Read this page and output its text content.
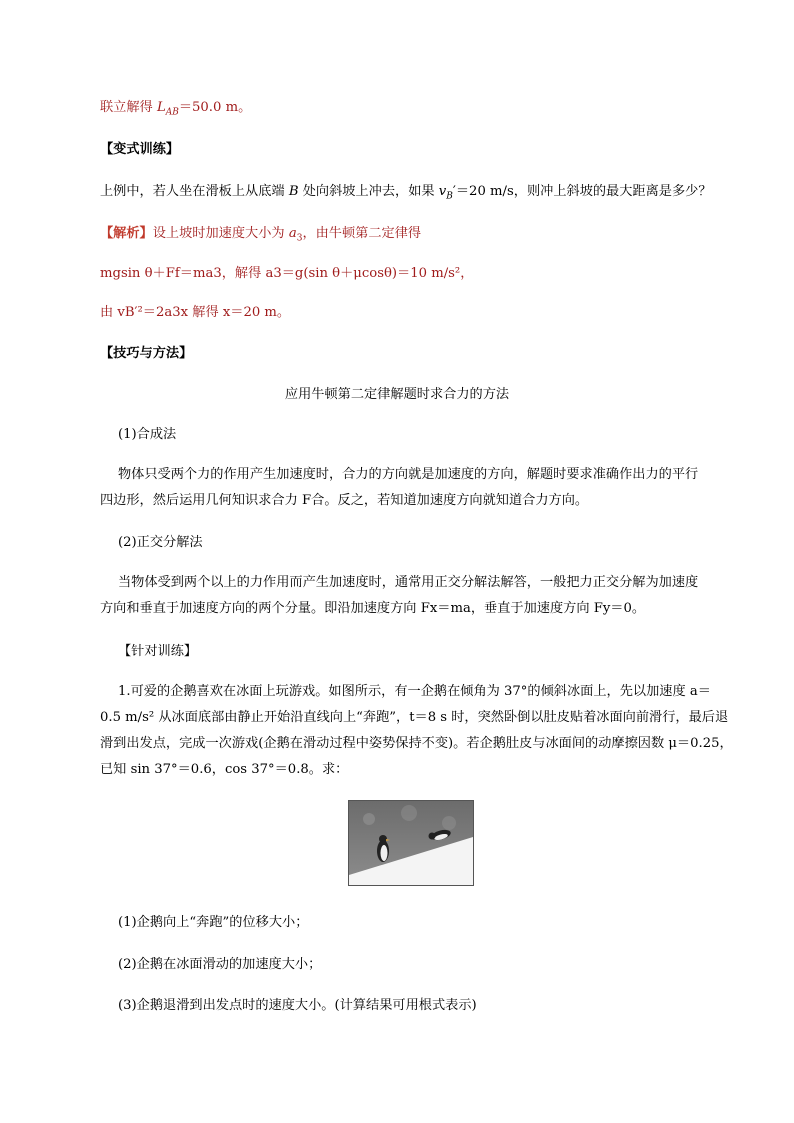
联立解得 $L_{AB}=50.0$ m。
【变式训练】
上例中，若人坐在滑板上从底端 B 处向斜坡上冲去，如果 $v_B'=20$ m/s，则冲上斜坡的最大距离是多少？
【解析】设上坡时加速度大小为 $a_3$，由牛顿第二定律得
mgsin θ＋Ff＝ma3，解得 a3＝g(sin θ＋μcosθ)＝10 m/s²，
由 vB′²＝2a3x 解得 x＝20 m。
【技巧与方法】
应用牛顿第二定律解题时求合力的方法
(1)合成法
物体只受两个力的作用产生加速度时，合力的方向就是加速度的方向，解题时要求准确作出力的平行
四边形，然后运用几何知识求合力 F合。反之，若知道加速度方向就知道合力方向。
(2)正交分解法
当物体受到两个以上的力作用而产生加速度时，通常用正交分解法解答，一般把力正交分解为加速度
方向和垂直于加速度方向的两个分量。即沿加速度方向 Fx＝ma，垂直于加速度方向 Fy＝0。
【针对训练】
1.可爱的企鹅喜欢在冰面上玩游戏。如图所示，有一企鹅在倾角为 37°的倾斜冰面上，先以加速度 a＝
0.5 m/s² 从冰面底部由静止开始沿直线向上“奔跑”，t＝8 s 时，突然卧倒以肚皮贴着冰面向前滑行，最后退
滑到出发点，完成一次游戏(企鹅在滑动过程中姿势保持不变)。若企鹅肚皮与冰面间的动摩擦因数 μ＝0.25，
已知 sin 37°＝0.6，cos 37°＝0.8。求：
(1)企鹅向上“奔跑”的位移大小；
(2)企鹅在冰面滑动的加速度大小；
(3)企鹅退滑到出发点时的速度大小。(计算结果可用根式表示)
